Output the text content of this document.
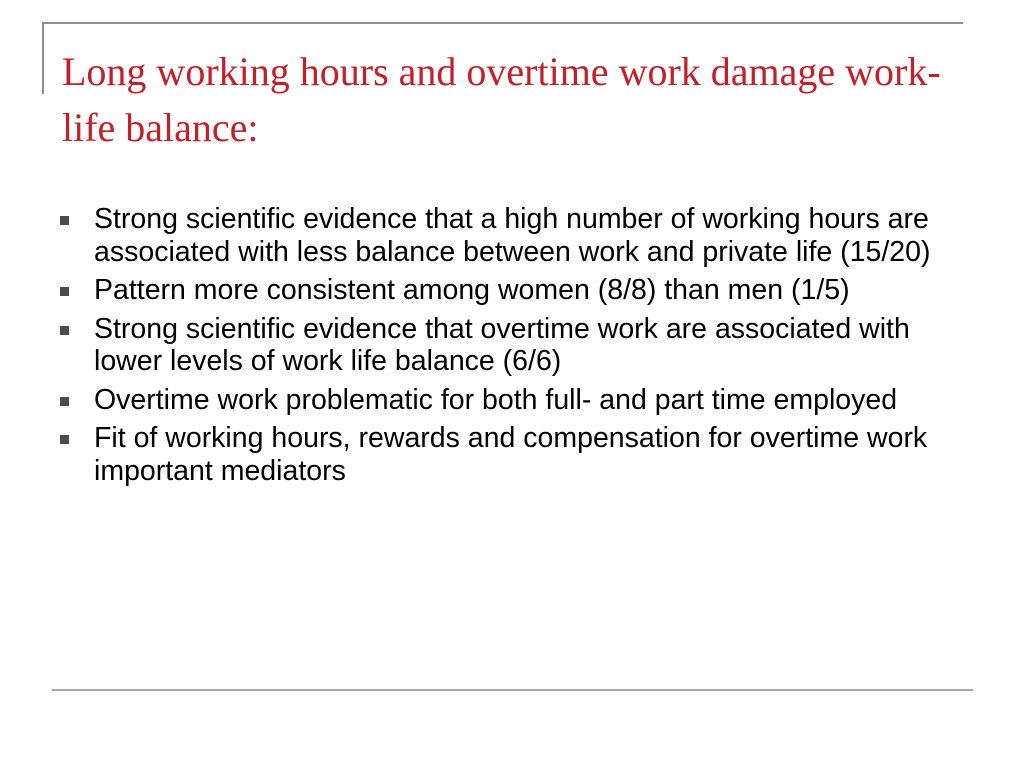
Long working hours and overtime work damage work-life balance:
Strong scientific evidence that a high number of working hours are associated with less balance between work and private life (15/20)
Pattern more consistent among women (8/8) than men (1/5)
Strong scientific evidence that overtime work are associated with lower levels of work life balance (6/6)
Overtime work problematic for both full- and part time employed
Fit of working hours, rewards and compensation for overtime work important mediators
